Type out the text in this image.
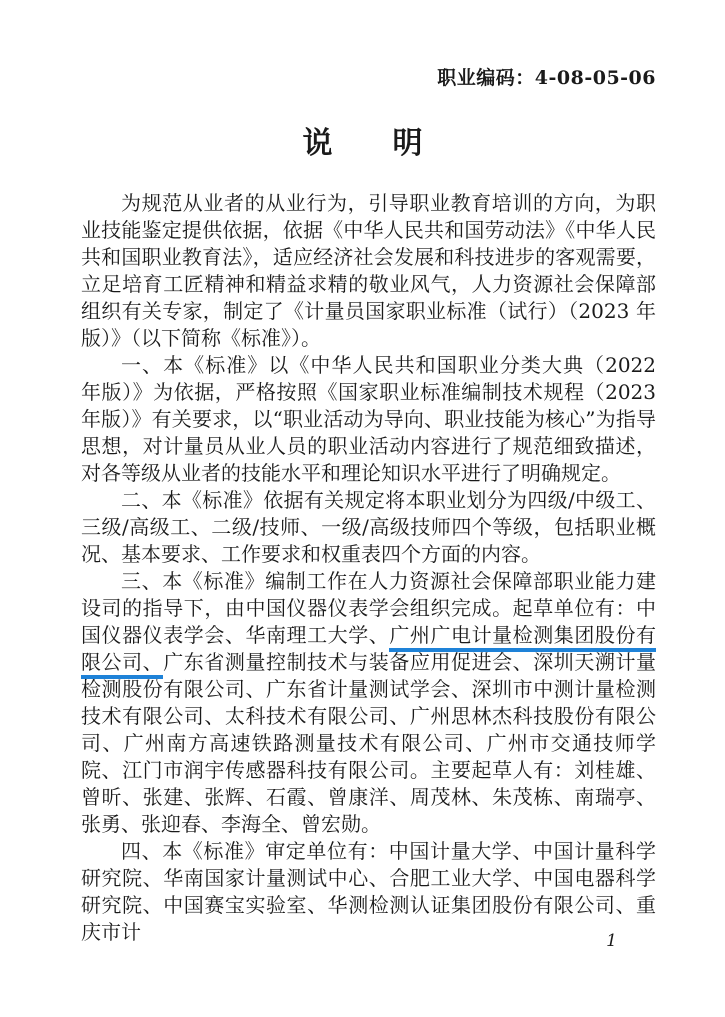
职业编码：4-08-05-06
说　　明

为规范从业者的从业行为，引导职业教育培训的方向，为职业技能鉴定提供依据，依据《中华人民共和国劳动法》《中华人民共和国职业教育法》，适应经济社会发展和科技进步的客观需要，立足培育工匠精神和精益求精的敬业风气，人力资源社会保障部组织有关专家，制定了《计量员国家职业标准（试行）（2023 年版）》（以下简称《标准》）。

一、本《标准》以《中华人民共和国职业分类大典（2022 年版）》为依据，严格按照《国家职业标准编制技术规程（2023 年版）》有关要求，以“职业活动为导向、职业技能为核心”为指导思想，对计量员从业人员的职业活动内容进行了规范细致描述，对各等级从业者的技能水平和理论知识水平进行了明确规定。

二、本《标准》依据有关规定将本职业划分为四级/中级工、三级/高级工、二级/技师、一级/高级技师四个等级，包括职业概况、基本要求、工作要求和权重表四个方面的内容。

三、本《标准》编制工作在人力资源社会保障部职业能力建设司的指导下，由中国仪器仪表学会组织完成。起草单位有：中国仪器仪表学会、华南理工大学、广州广电计量检测集团股份有限公司、广东省测量控制技术与装备应用促进会、深圳天溯计量检测股份有限公司、广东省计量测试学会、深圳市中测计量检测技术有限公司、太科技术有限公司、广州思林杰科技股份有限公司、广州南方高速铁路测量技术有限公司、广州市交通技师学院、江门市润宇传感器科技有限公司。主要起草人有：刘桂雄、曾昕、张建、张辉、石霞、曾康洋、周茂林、朱茂栋、南瑞亭、张勇、张迎春、李海全、曾宏勋。

四、本《标准》审定单位有：中国计量大学、中国计量科学研究院、华南国家计量测试中心、合肥工业大学、中国电器科学研究院、中国赛宝实验室、华测检测认证集团股份有限公司、重庆市计	1
